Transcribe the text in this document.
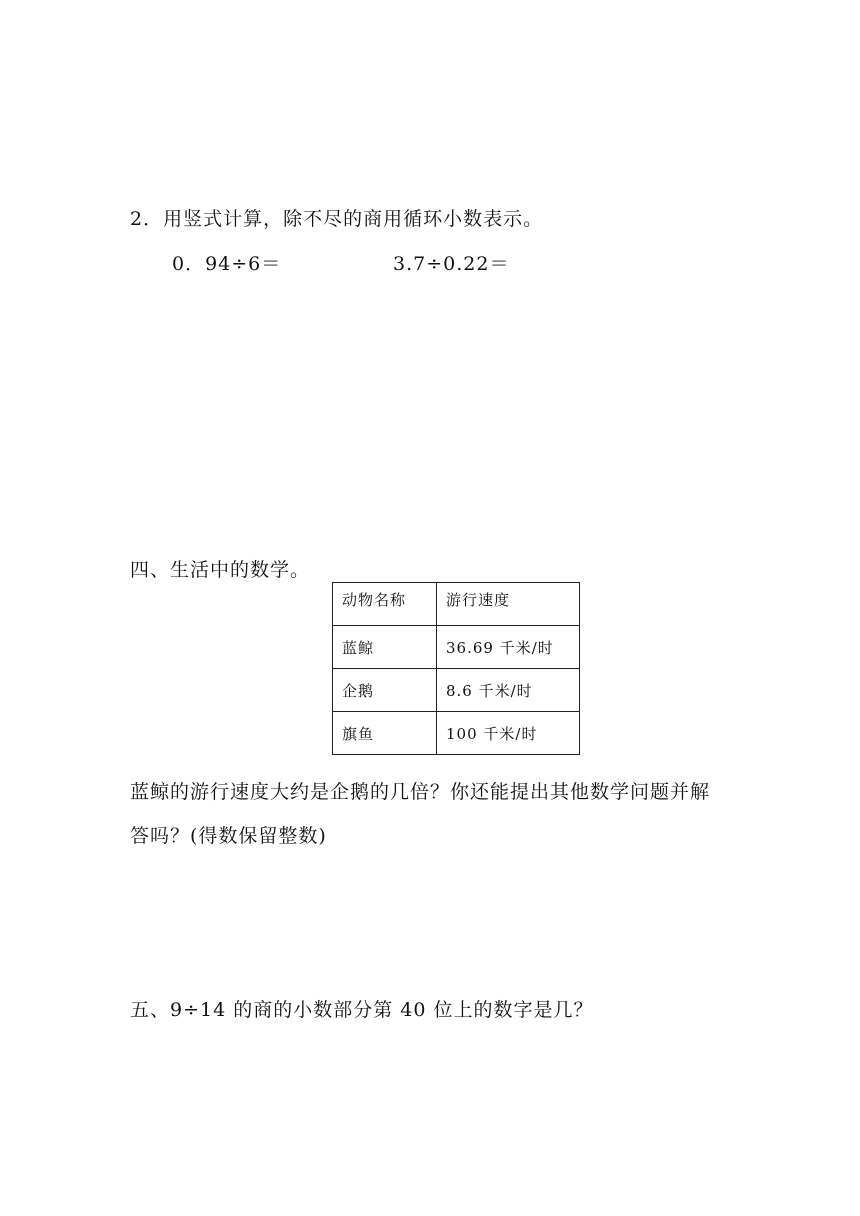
2．用竖式计算，除不尽的商用循环小数表示。
0．94÷6＝	3.7÷0.22＝
四、生活中的数学。
动物名称	游行速度
蓝鲸	36.69 千米/时
企鹅	8.6 千米/时
旗鱼	100 千米/时
蓝鲸的游行速度大约是企鹅的几倍？你还能提出其他数学问题并解
答吗？(得数保留整数)
五、9÷14 的商的小数部分第 40 位上的数字是几？
